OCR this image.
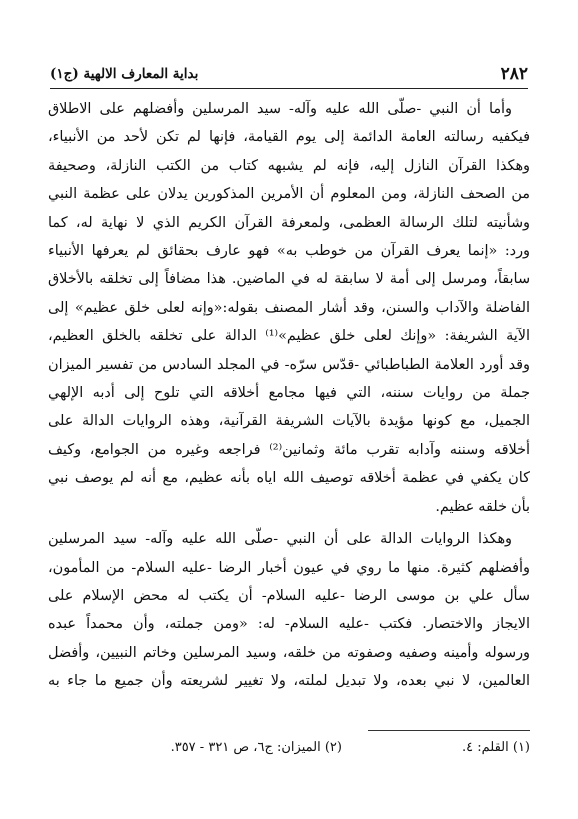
٢٨٢
بداية المعارف الالهية (ج١)

وأما أن النبي -صلّى الله عليه وآله- سيد المرسلين وأفضلهم على الاطلاق
فيكفيه رسالته العامة الدائمة إلى يوم القيامة، فإنها لم تكن لأحد من الأنبياء،
وهكذا القرآن النازل إليه، فإنه لم يشبهه كتاب من الكتب النازلة، وصحيفة
من الصحف النازلة، ومن المعلوم أن الأمرين المذكورين يدلان على عظمة النبي
وشأنيته لتلك الرسالة العظمى، ولمعرفة القرآن الكريم الذي لا نهاية له، كما
ورد: «إنما يعرف القرآن من خوطب به» فهو عارف بحقائق لم يعرفها الأنبياء
سابقاً، ومرسل إلى أمة لا سابقة له في الماضين. هذا مضافاً إلى تخلقه بالأخلاق
الفاضلة والآداب والسنن، وقد أشار المصنف بقوله:«وإنه لعلى خلق عظيم» إلى
الآية الشريفة: «وإنك لعلى خلق عظيم»⁽¹⁾ الدالة على تخلقه بالخلق العظيم،
وقد أورد العلامة الطباطبائي -قدّس سرّه- في المجلد السادس من تفسير الميزان
جملة من روايات سننه، التي فيها مجامع أخلاقه التي تلوح إلى أدبه الإلهي
الجميل، مع كونها مؤيدة بالآيات الشريفة القرآنية، وهذه الروايات الدالة على
أخلاقه وسننه وآدابه تقرب مائة وثمانين⁽²⁾ فراجعه وغيره من الجوامع، وكيف
كان يكفي في عظمة أخلاقه توصيف الله اياه بأنه عظيم، مع أنه لم يوصف نبي
بأن خلقه عظيم.

وهكذا الروايات الدالة على أن النبي -صلّى الله عليه وآله- سيد المرسلين
وأفضلهم كثيرة. منها ما روي في عيون أخبار الرضا -عليه السلام- من المأمون،
سأل علي بن موسى الرضا -عليه السلام- أن يكتب له محض الإسلام على
الايجاز والاختصار. فكتب -عليه السلام- له: «ومن جملته، وأن محمداً عبده
ورسوله وأمينه وصفيه وصفوته من خلقه، وسيد المرسلين وخاتم النبيين، وأفضل
العالمين، لا نبي بعده، ولا تبديل لملته، ولا تغيير لشريعته وأن جميع ما جاء به

(١) القلم: ٤.
(٢) الميزان: ج٦، ص ٣٢١ - ٣٥٧.
